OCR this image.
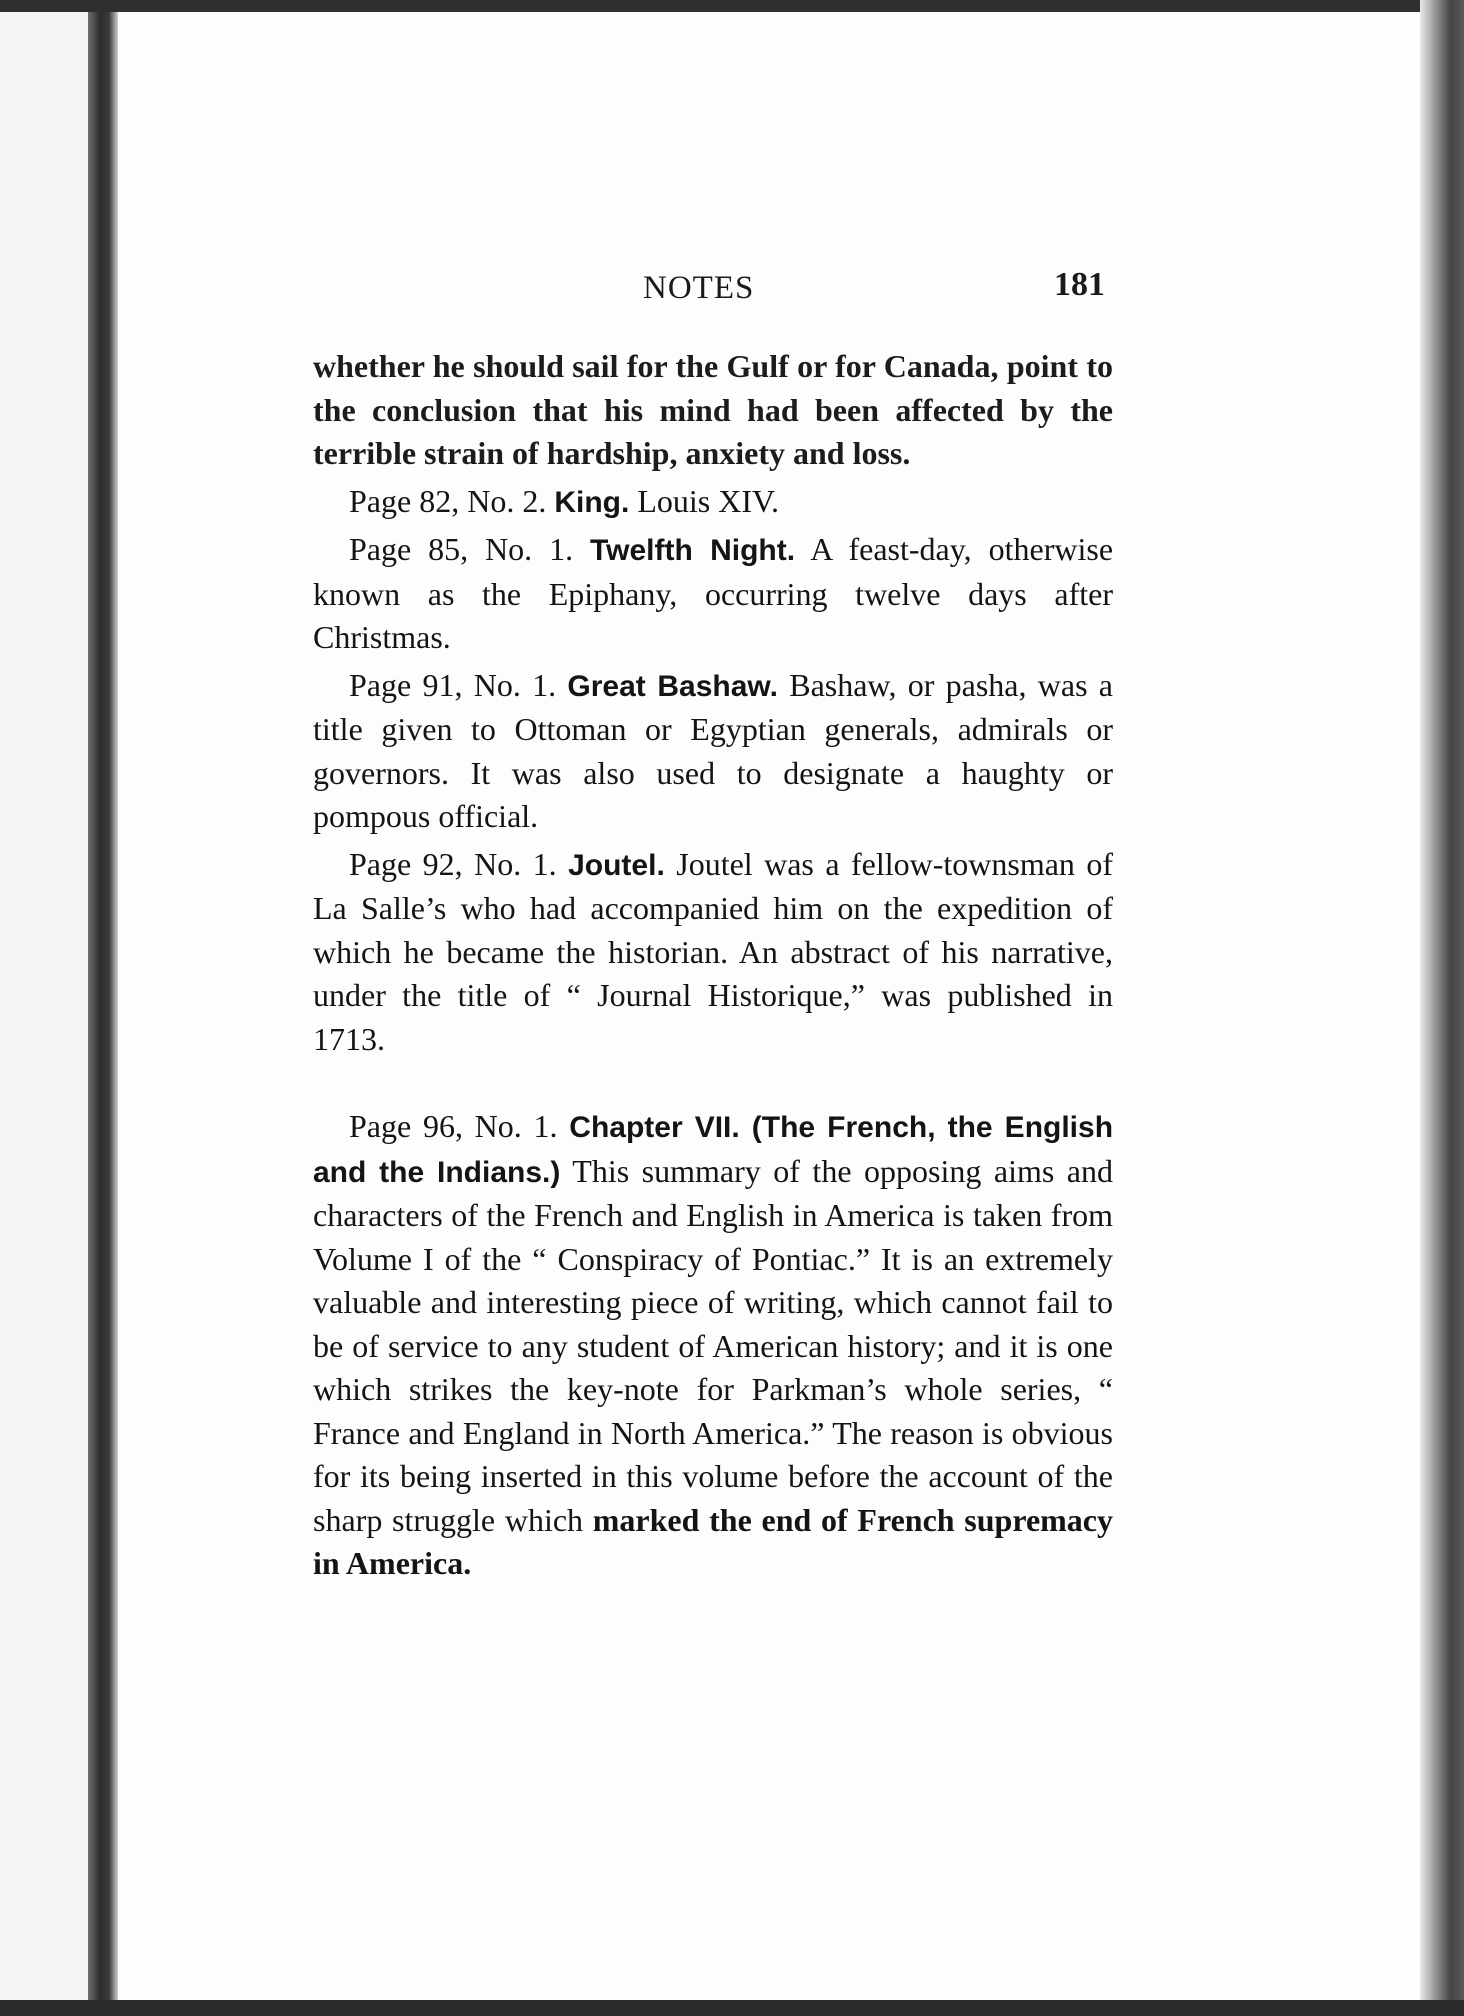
NOTES	181

whether he should sail for the Gulf or for Canada, point to the conclusion that his mind had been affected by the terrible strain of hardship, anxiety and loss.

Page 82, No. 2. King. Louis XIV.

Page 85, No. 1. Twelfth Night. A feast-day, otherwise known as the Epiphany, occurring twelve days after Christmas.

Page 91, No. 1. Great Bashaw. Bashaw, or pasha, was a title given to Ottoman or Egyptian generals, admirals or governors. It was also used to designate a haughty or pompous official.

Page 92, No. 1. Joutel. Joutel was a fellow-townsman of La Salle’s who had accompanied him on the expedition of which he became the historian. An abstract of his narrative, under the title of “ Journal Historique,” was published in 1713.

Page 96, No. 1. Chapter VII. (The French, the English and the Indians.) This summary of the opposing aims and characters of the French and English in America is taken from Volume I of the “ Conspiracy of Pontiac.” It is an extremely valuable and interesting piece of writing, which cannot fail to be of service to any student of American history; and it is one which strikes the key-note for Parkman’s whole series, “ France and England in North America.” The reason is obvious for its being inserted in this volume before the account of the sharp struggle which marked the end of French supremacy in America.
